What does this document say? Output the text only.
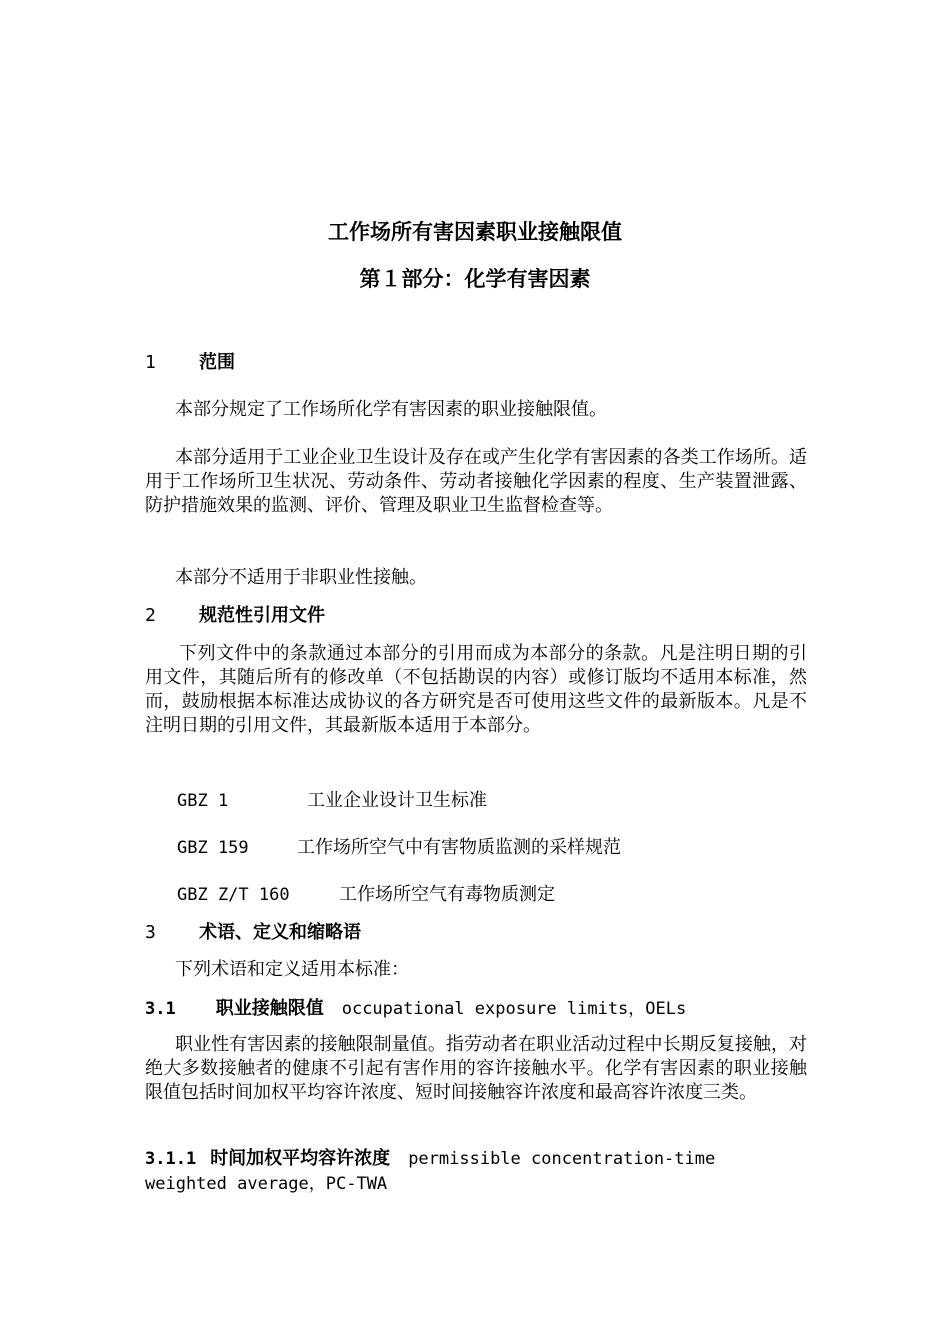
工作场所有害因素职业接触限值
第１部分：化学有害因素
1 范围
本部分规定了工作场所化学有害因素的职业接触限值。
本部分适用于工业企业卫生设计及存在或产生化学有害因素的各类工作场所。适用于工作场所卫生状况、劳动条件、劳动者接触化学因素的程度、生产装置泄露、防护措施效果的监测、评价、管理及职业卫生监督检查等。
本部分不适用于非职业性接触。
2 规范性引用文件
下列文件中的条款通过本部分的引用而成为本部分的条款。凡是注明日期的引用文件，其随后所有的修改单（不包括勘误的内容）或修订版均不适用本标准，然而，鼓励根据本标准达成协议的各方研究是否可使用这些文件的最新版本。凡是不注明日期的引用文件，其最新版本适用于本部分。
GBZ 1	工业企业设计卫生标准
GBZ 159	工作场所空气中有害物质监测的采样规范
GBZ Z/T 160	工作场所空气有毒物质测定
3 术语、定义和缩略语
下列术语和定义适用本标准：
3.1 职业接触限值 occupational exposure limits，OELs
职业性有害因素的接触限制量值。指劳动者在职业活动过程中长期反复接触，对绝大多数接触者的健康不引起有害作用的容许接触水平。化学有害因素的职业接触限值包括时间加权平均容许浓度、短时间接触容许浓度和最高容许浓度三类。
3.1.1 时间加权平均容许浓度 permissible concentration-time weighted average，PC-TWA
